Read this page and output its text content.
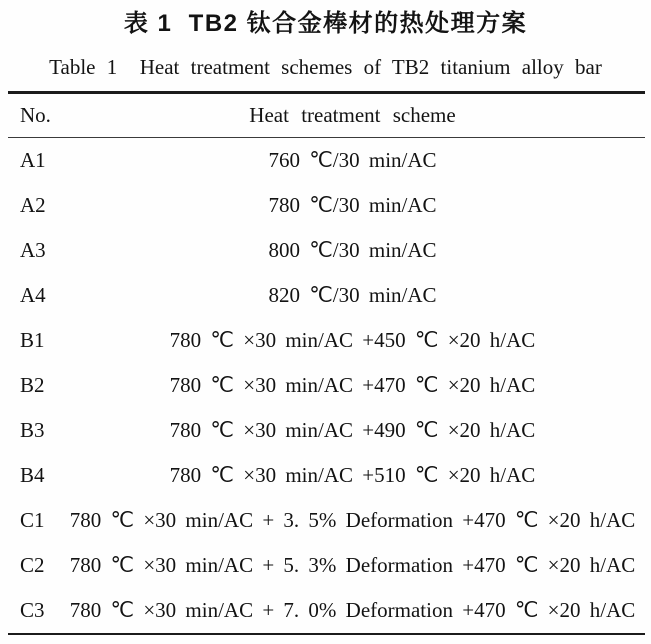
表 1  TB2 钛合金棒材的热处理方案
Table 1  Heat treatment schemes of TB2 titanium alloy bar
No.	Heat treatment scheme
A1	760 ℃/30 min/AC
A2	780 ℃/30 min/AC
A3	800 ℃/30 min/AC
A4	820 ℃/30 min/AC
B1	780 ℃ ×30 min/AC +450 ℃ ×20 h/AC
B2	780 ℃ ×30 min/AC +470 ℃ ×20 h/AC
B3	780 ℃ ×30 min/AC +490 ℃ ×20 h/AC
B4	780 ℃ ×30 min/AC +510 ℃ ×20 h/AC
C1	780 ℃ ×30 min/AC + 3. 5% Deformation +470 ℃ ×20 h/AC
C2	780 ℃ ×30 min/AC + 5. 3% Deformation +470 ℃ ×20 h/AC
C3	780 ℃ ×30 min/AC + 7. 0% Deformation +470 ℃ ×20 h/AC
